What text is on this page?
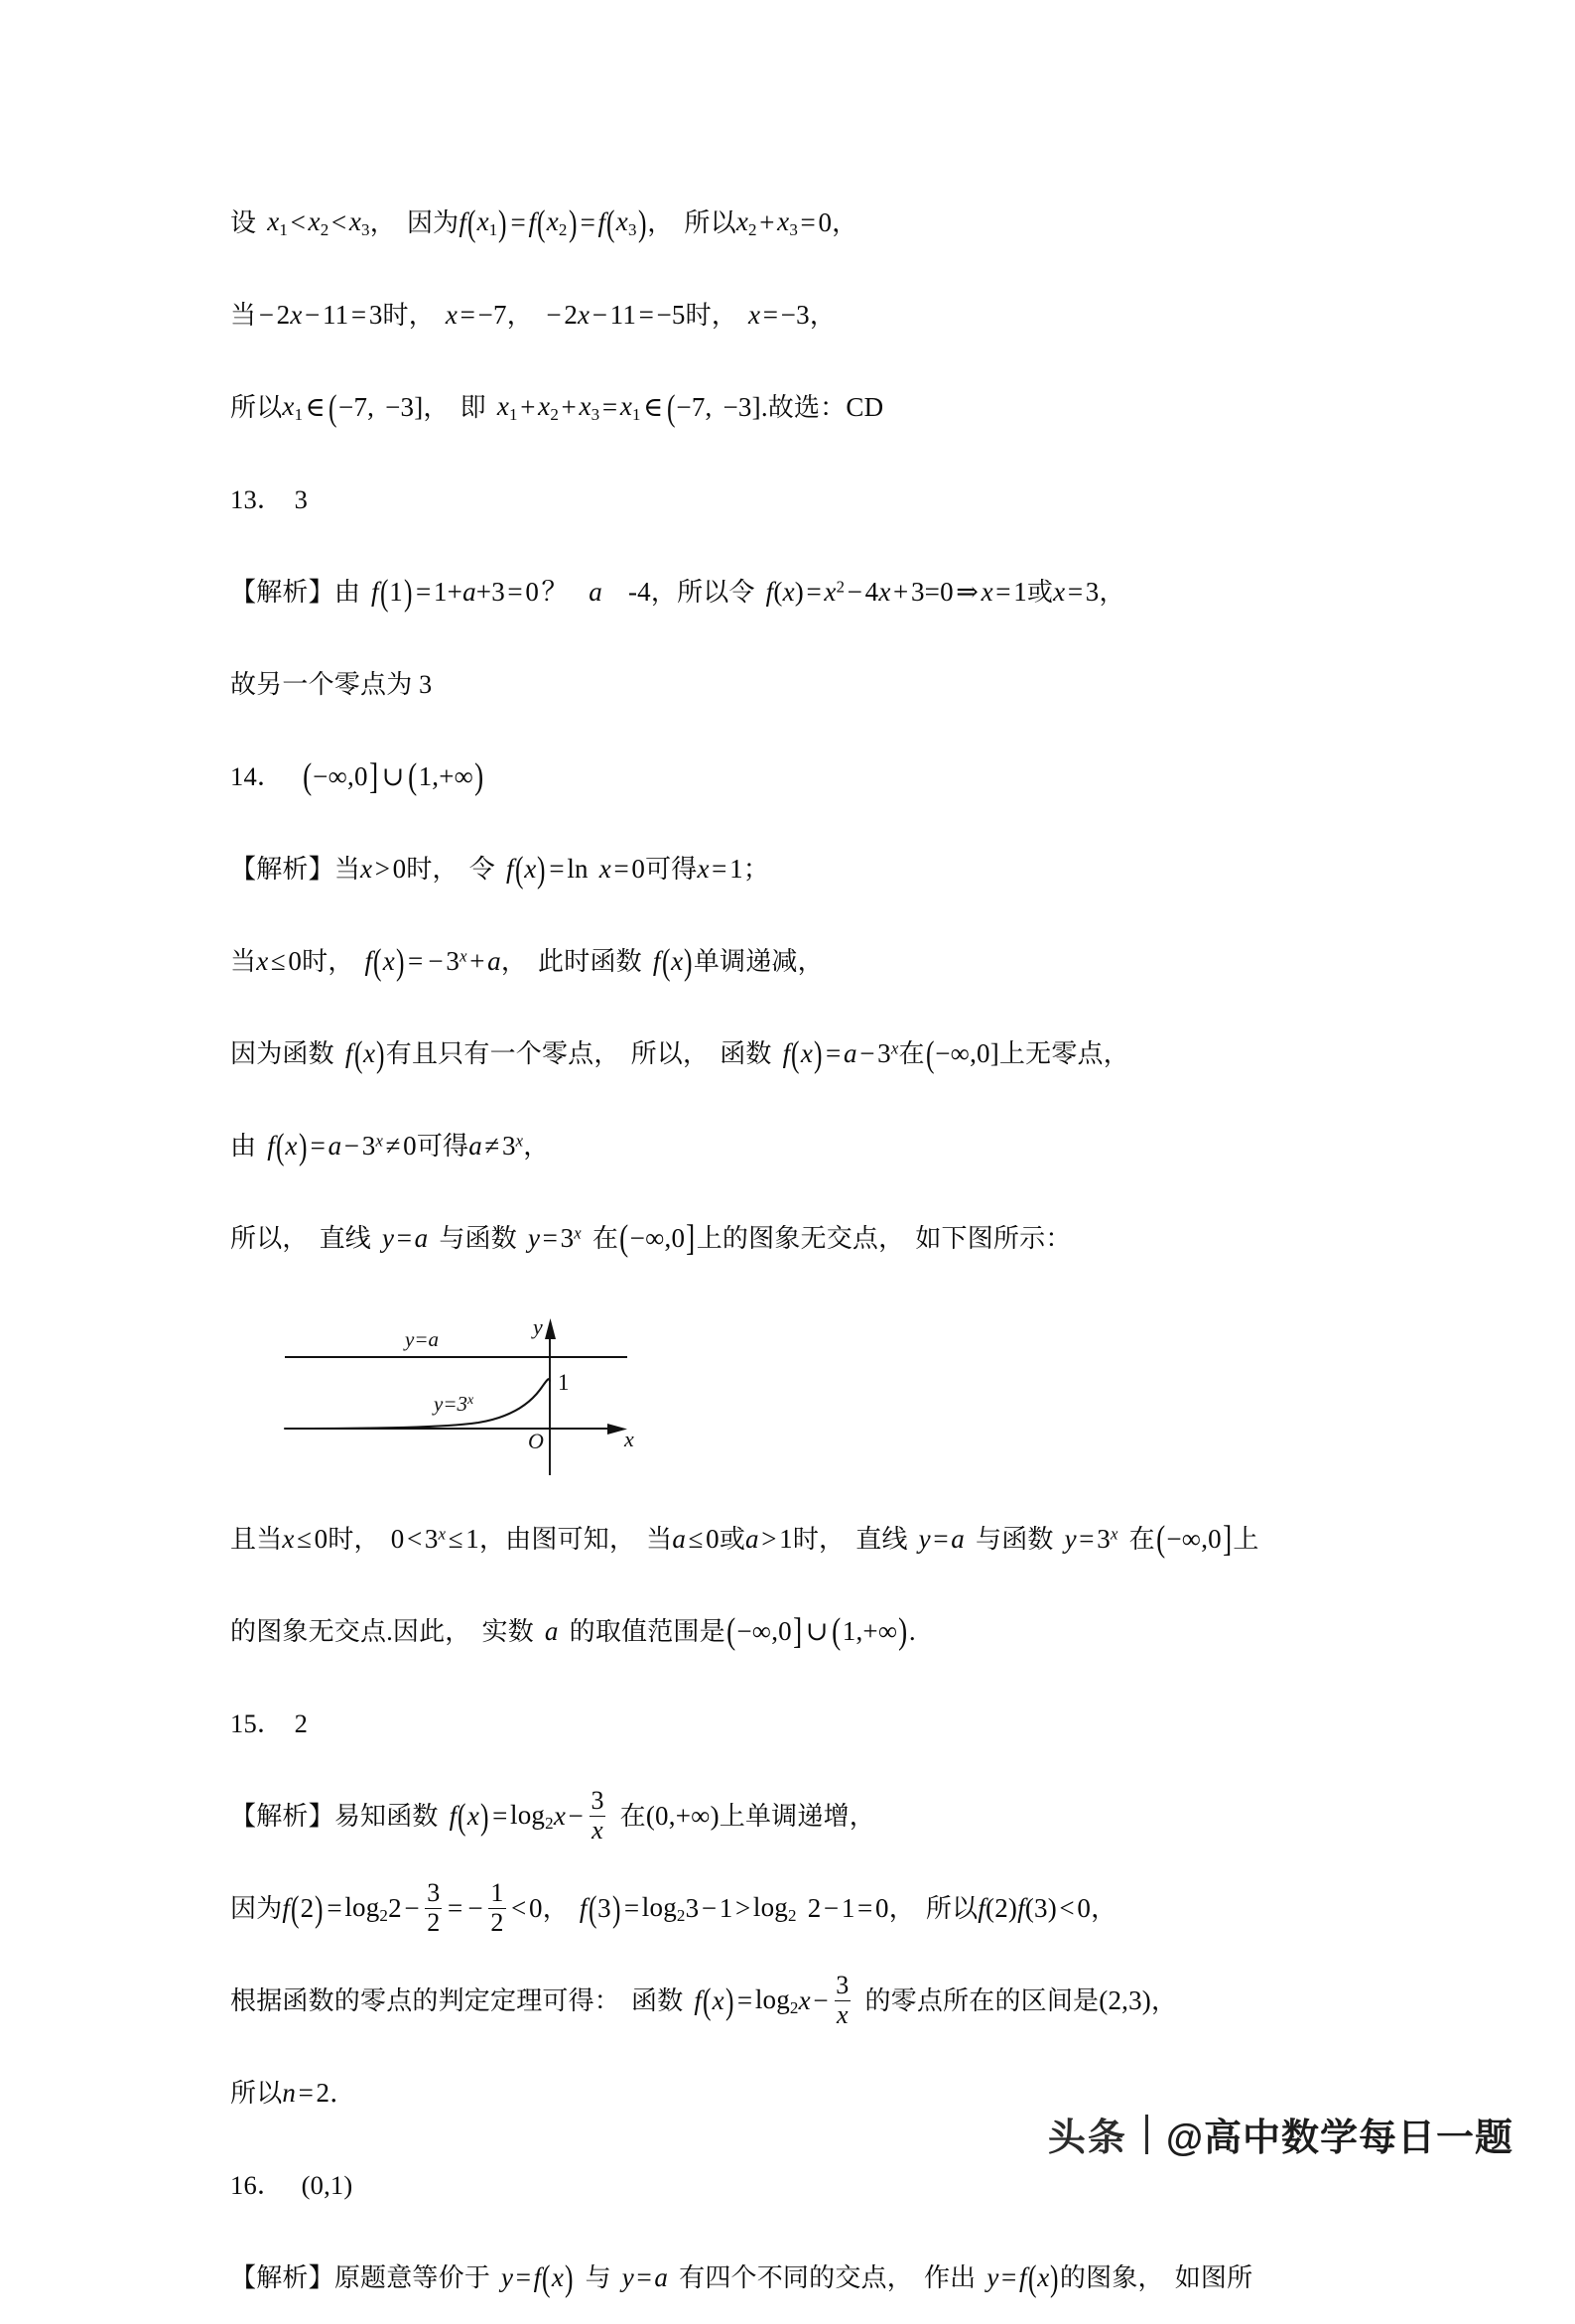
设 $x_1 < x_2 < x_3$ ， 因为 f ( $x_1$ ) = f ( $x_2$ ) = f ( $x_3$ ) ， 所以 $x_2 + x_3 = 0$ ，
当 − 2 x − 11 = 3 时 ， x = −7 ， − 2 x − 11 = −5 时 ， x = −3 ，
所以 $x_1$ ∈ ( −7, −3] ， 即 $x_1 + x_2 + x_3 = x_1$ ∈ ( −7, −3]. 故选： CD
13． 3
【解析】 由 f ( 1 ) = 1+ a +3 = 0 ？ a -4 ， 所以令 f ( x ) = $x^2 - 4$ x + 3=0 ⇒ x = 1 或 x = 3 ，
故另一个零点为 3
14． ( −∞,0 ] ∪ ( 1,+∞ )
【解析】 当 x > 0 时， 令 f ( x ) = ln x = 0 可得 x = 1 ；
当 x ≤ 0 时， f ( x ) = − $3^x + a$ ， 此时函数 f ( x ) 单调递减，
因为函数 f ( x ) 有且只有一个零点， 所以， 函数 f ( x ) = $a - 3^x$ 在 ( −∞,0] 上无零点，
由 f ( x ) = $a - 3^x \ne 0$ 可得 $a \ne 3^x$ ，
所以， 直线 y = a 与函数 $y = 3^x$ 在 ( −∞,0 ] 上的图象无交点， 如下图所示：
y=a
$y=3^x$
y
x
O
1
且当 x ≤ 0 时， $0 < 3^x \le 1$ ， 由图可知， 当 a ≤ 0 或 a > 1 时， 直线 y = a 与函数 $y = 3^x$ 在 ( −∞,0 ] 上
的图象无交点.因此， 实数 a 的取值范围是 ( −∞,0 ] ∪ ( 1,+∞ ) .
15． 2
【解析】 易知函数 f ( x ) = $\log_2 x - \frac{3}{x}$ 在 (0,+∞) 上单调递增，
因为 f ( 2 ) = $\log_2 2 - \frac{3}{2}$ = − $\frac{1}{2} < 0$ ， f ( 3 ) = $\log_2 3 - 1 > \log_2 2 - 1 = 0$ ， 所以 f ( 2 ) f ( 3 ) < 0 ，
根据函数的零点的判定定理可得： 函数 f ( x ) = $\log_2 x - \frac{3}{x}$ 的零点所在的区间是 (2,3) ，
所以 n = 2 ．
16． (0,1)
【解析】 原题意等价于 y = f ( x ) 与 y = a 有四个不同的交点， 作出 y = f ( x ) 的图象， 如图所
头条 @高中数学每日一题
